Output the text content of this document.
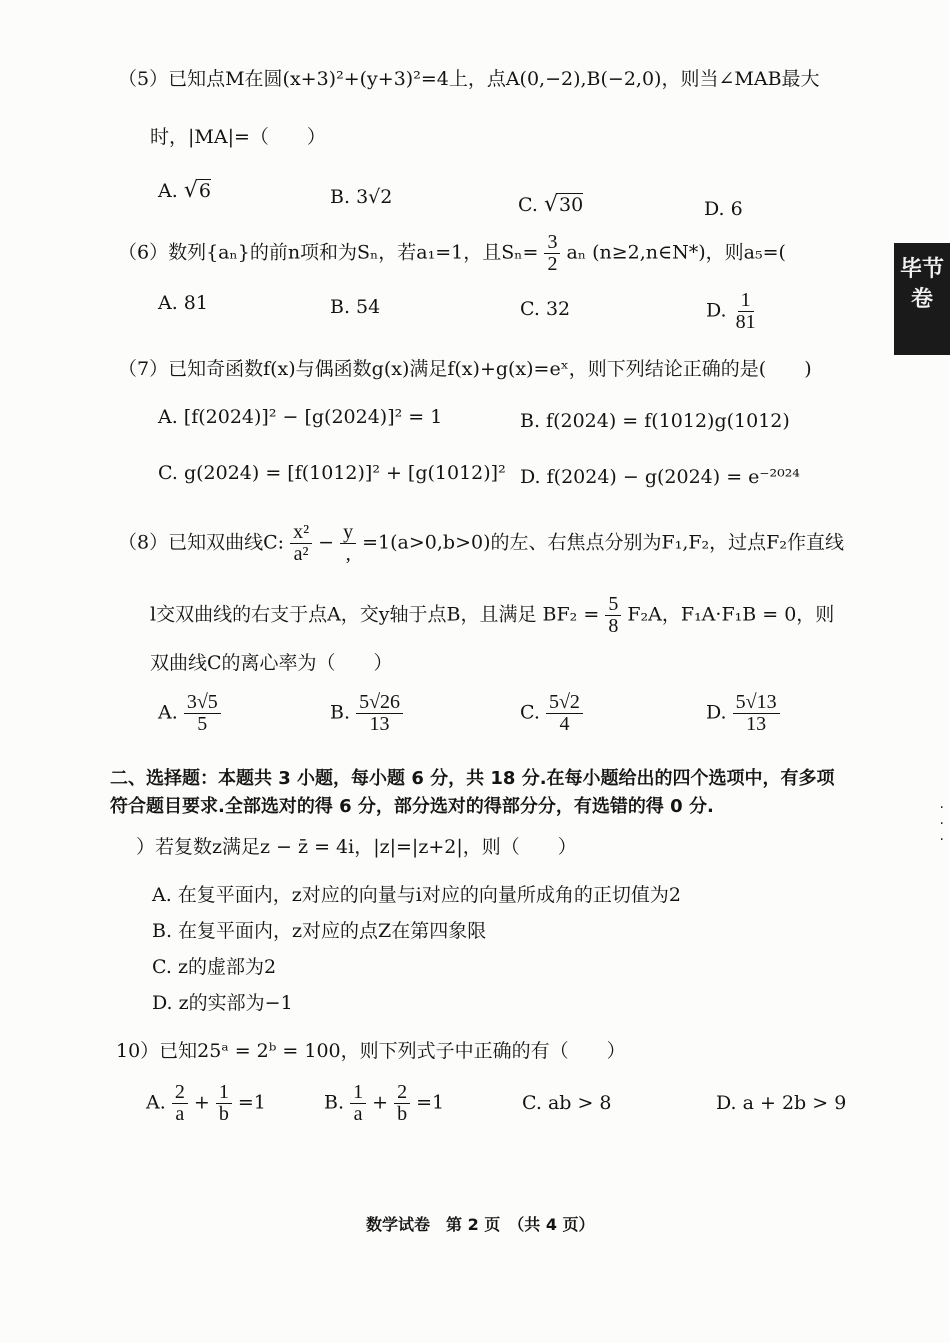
（5）已知点M在圆(x+3)²+(y+3)²=4上，点A(0,−2),B(−2,0)，则当∠MAB最大
时，|MA|=（　　）
A. √6	B. 3√2	C. √30	D. 6
（6）数列{aₙ}的前n项和为Sₙ，若a₁=1，且$S_n= \frac{3}{2}$ aₙ (n≥2,n∈N*)，则a₅=(
A. 81	B. 54	C. 32	D. $\frac{1}{81}$
（7）已知奇函数f(x)与偶函数g(x)满足f(x)+g(x)=eˣ，则下列结论正确的是(　　)
A. [f(2024)]² − [g(2024)]² = 1	B. f(2024) = f(1012)g(1012)
C. g(2024) = [f(1012)]² + [g(1012)]² D. f(2024) − g(2024) = e⁻²⁰²⁴
（8）已知双曲线C: $\frac{\text{x²}}{\text{a²}} - \frac{y}{‚} =1(a>0,b>0)$的左、右焦点分别为F₁,F₂，过点F₂作直线
l交双曲线的右支于点A，交y轴于点B，且满足 $BF_2 = \frac{5}{8} F_2A$，F₁A·F₁B = 0，则
双曲线C的离心率为（　　）
A. $\frac{3√5}{5}$	B. $\frac{5√26}{13}$	C. $\frac{5√2}{4}$	D. $\frac{5√13}{13}$
二、选择题：本题共 3 小题，每小题 6 分，共 18 分.在每小题给出的四个选项中，有多项
符合题目要求.全部选对的得 6 分，部分选对的得部分分，有选错的得 0 分.
）若复数z满足z − z̄ = 4i，|z|=|z+2|，则（　　）
A. 在复平面内，z对应的向量与i对应的向量所成角的正切值为2
B. 在复平面内，z对应的点Z在第四象限
C. z的虚部为2
D. z的实部为−1
10）已知25ᵃ = 2ᵇ = 100，则下列式子中正确的有（　　）
A. $\frac{2}{a} + \frac{1}{b} =1$	B. $\frac{1}{a} + \frac{2}{b} =1$	C. ab > 8	D. a + 2b > 9
毕节
卷
·
·
·
数学试卷　第 2 页　（共 4 页）
